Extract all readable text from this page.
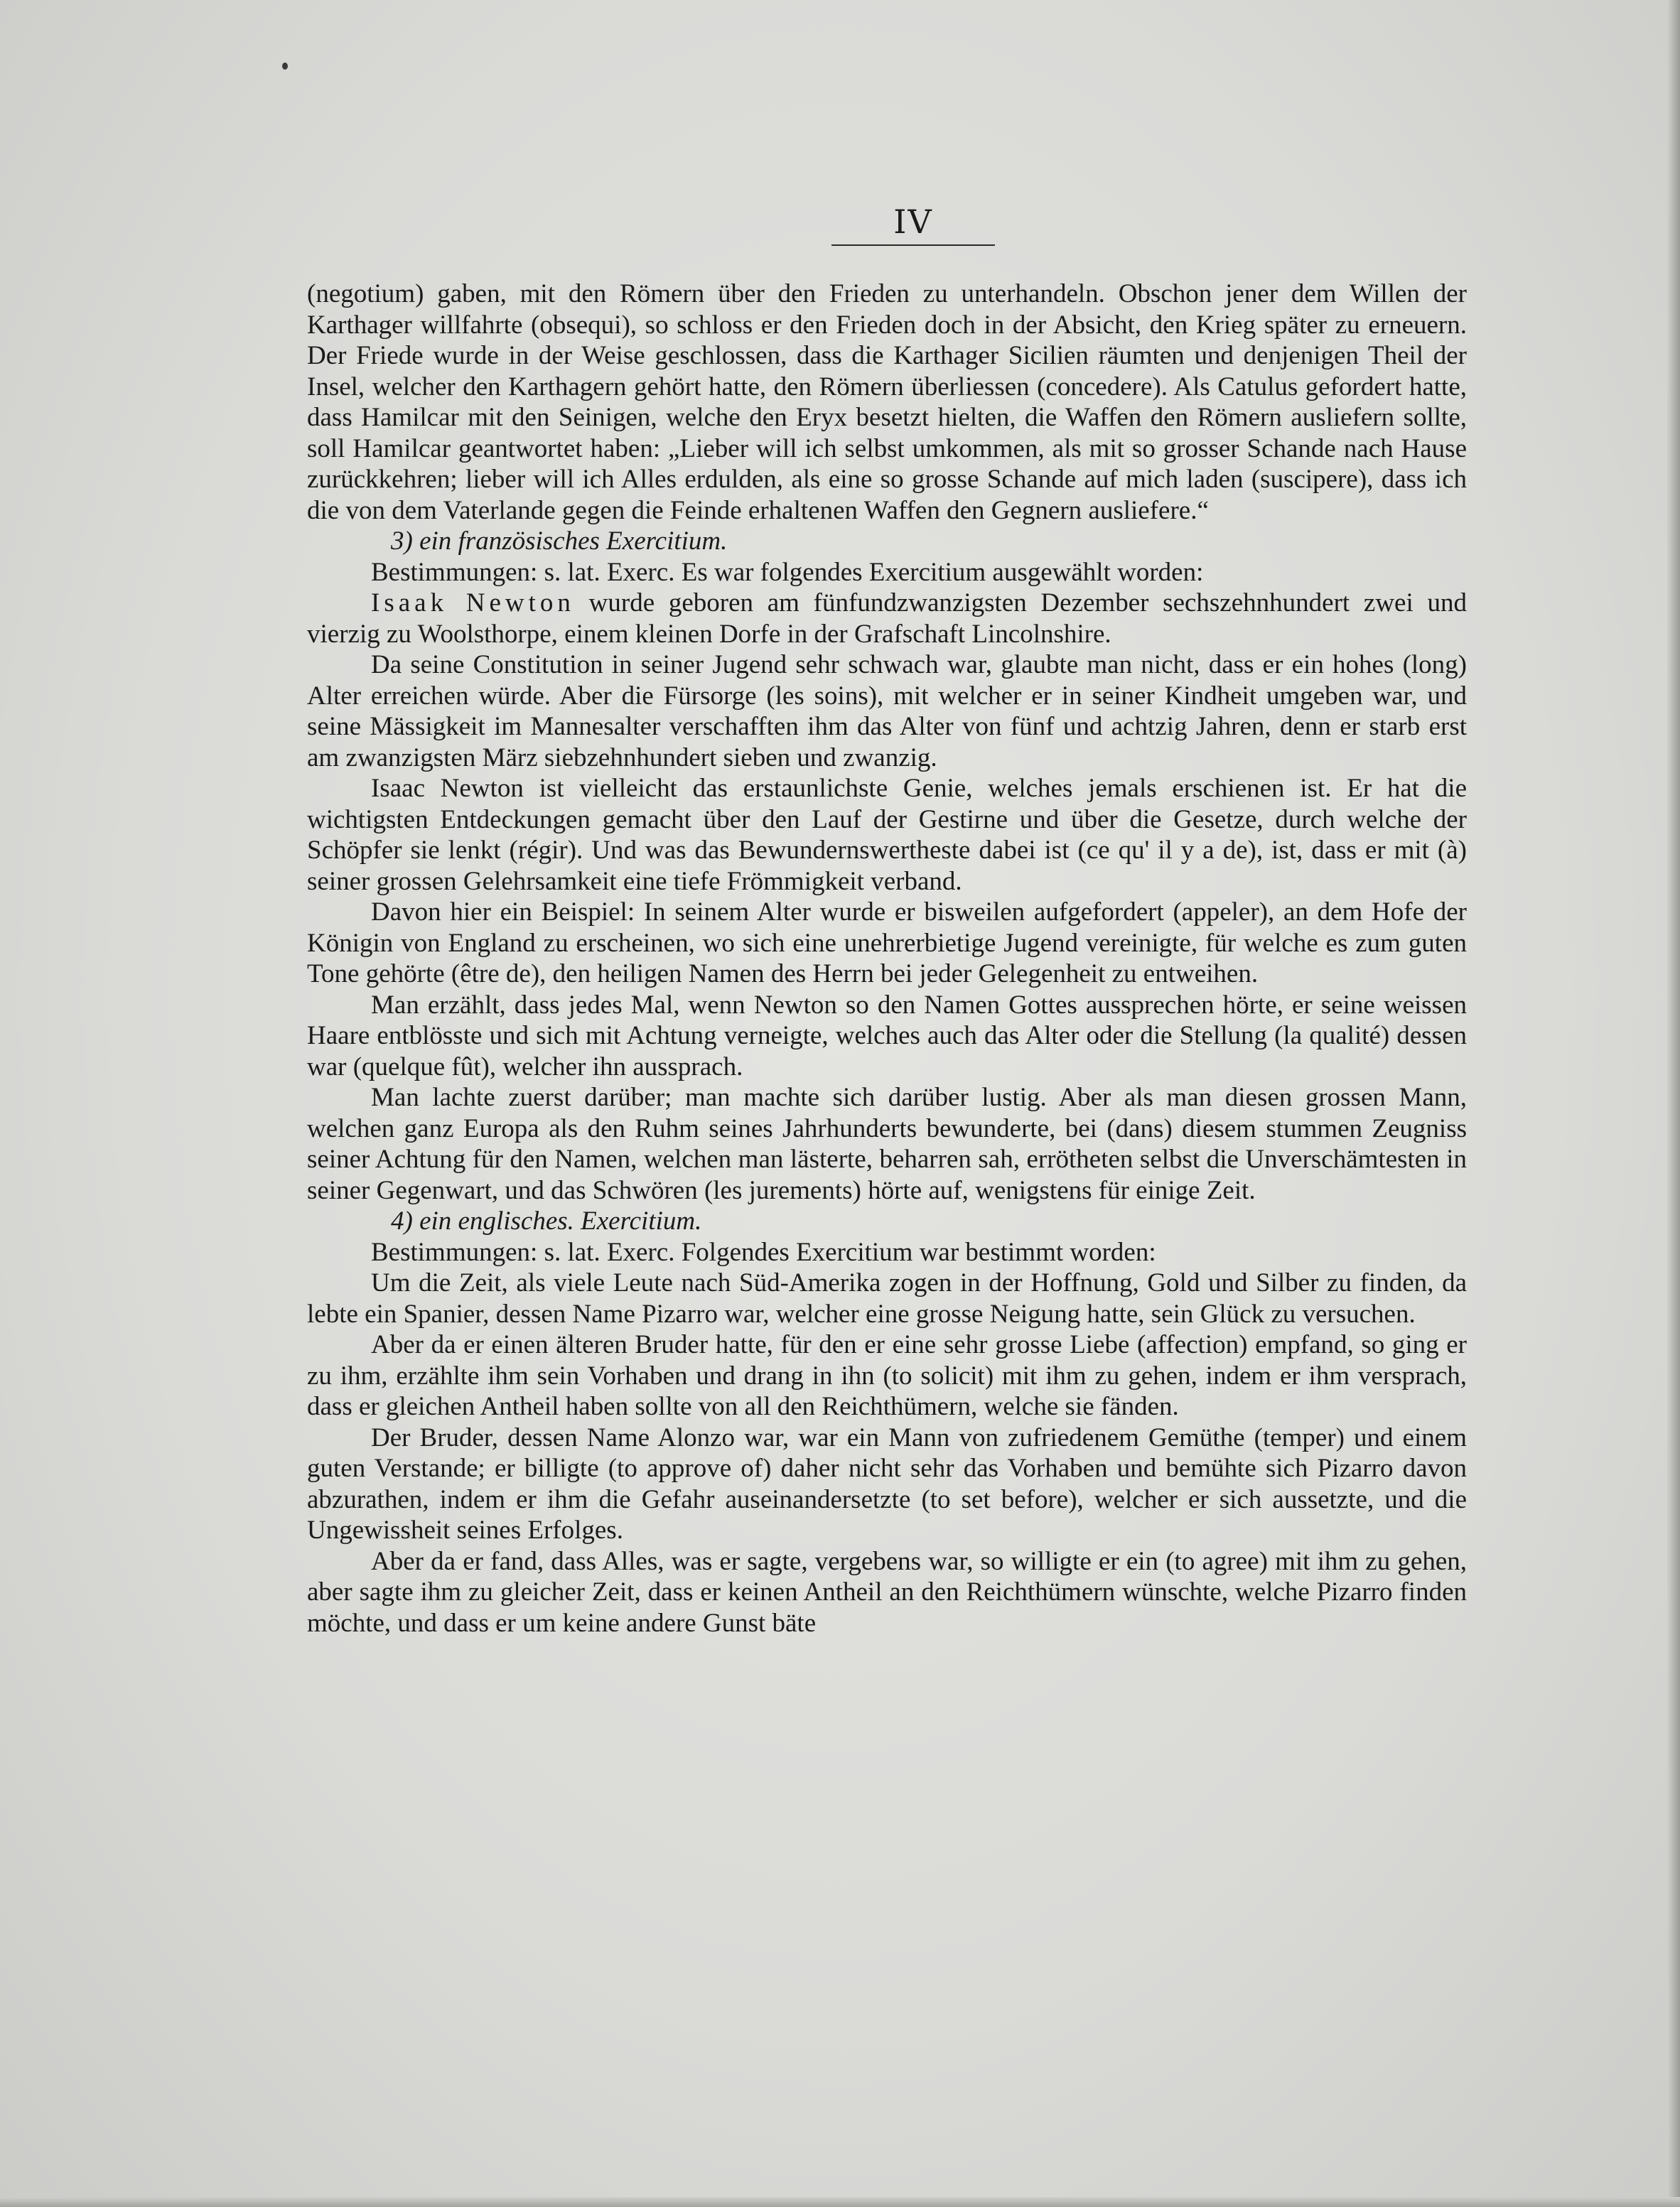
IV

(negotium) gaben, mit den Römern über den Frieden zu unterhandeln. Obschon jener dem Willen der Karthager willfahrte (obsequi), so schloss er den Frieden doch in der Absicht, den Krieg später zu erneuern. Der Friede wurde in der Weise geschlossen, dass die Karthager Sicilien räumten und denjenigen Theil der Insel, welcher den Karthagern gehört hatte, den Römern überliessen (concedere). Als Catulus gefordert hatte, dass Hamilcar mit den Seinigen, welche den Eryx besetzt hielten, die Waffen den Römern ausliefern sollte, soll Hamilcar geantwortet haben: „Lieber will ich selbst umkommen, als mit so grosser Schande nach Hause zurückkehren; lieber will ich Alles erdulden, als eine so grosse Schande auf mich laden (suscipere), dass ich die von dem Vaterlande gegen die Feinde erhaltenen Waffen den Gegnern ausliefere.“

3) ein französisches Exercitium.

Bestimmungen: s. lat. Exerc. Es war folgendes Exercitium ausgewählt worden:

Isaak Newton wurde geboren am fünfundzwanzigsten Dezember sechszehnhundert zwei und vierzig zu Woolsthorpe, einem kleinen Dorfe in der Grafschaft Lincolnshire.

Da seine Constitution in seiner Jugend sehr schwach war, glaubte man nicht, dass er ein hohes (long) Alter erreichen würde. Aber die Fürsorge (les soins), mit welcher er in seiner Kindheit umgeben war, und seine Mässigkeit im Mannesalter verschafften ihm das Alter von fünf und achtzig Jahren, denn er starb erst am zwanzigsten März siebzehnhundert sieben und zwanzig.

Isaac Newton ist vielleicht das erstaunlichste Genie, welches jemals erschienen ist. Er hat die wichtigsten Entdeckungen gemacht über den Lauf der Gestirne und über die Gesetze, durch welche der Schöpfer sie lenkt (régir). Und was das Bewundernswertheste dabei ist (ce qu' il y a de), ist, dass er mit (à) seiner grossen Gelehrsamkeit eine tiefe Frömmigkeit verband.

Davon hier ein Beispiel: In seinem Alter wurde er bisweilen aufgefordert (appeler), an dem Hofe der Königin von England zu erscheinen, wo sich eine unehrerbietige Jugend vereinigte, für welche es zum guten Tone gehörte (être de), den heiligen Namen des Herrn bei jeder Gelegenheit zu entweihen.

Man erzählt, dass jedes Mal, wenn Newton so den Namen Gottes aussprechen hörte, er seine weissen Haare entblösste und sich mit Achtung verneigte, welches auch das Alter oder die Stellung (la qualité) dessen war (quelque fût), welcher ihn aussprach.

Man lachte zuerst darüber; man machte sich darüber lustig. Aber als man diesen grossen Mann, welchen ganz Europa als den Ruhm seines Jahrhunderts bewunderte, bei (dans) diesem stummen Zeugniss seiner Achtung für den Namen, welchen man lästerte, beharren sah, errötheten selbst die Unverschämtesten in seiner Gegenwart, und das Schwören (les jurements) hörte auf, wenigstens für einige Zeit.

4) ein englisches. Exercitium.

Bestimmungen: s. lat. Exerc. Folgendes Exercitium war bestimmt worden:

Um die Zeit, als viele Leute nach Süd-Amerika zogen in der Hoffnung, Gold und Silber zu finden, da lebte ein Spanier, dessen Name Pizarro war, welcher eine grosse Neigung hatte, sein Glück zu versuchen.

Aber da er einen älteren Bruder hatte, für den er eine sehr grosse Liebe (affection) empfand, so ging er zu ihm, erzählte ihm sein Vorhaben und drang in ihn (to solicit) mit ihm zu gehen, indem er ihm versprach, dass er gleichen Antheil haben sollte von all den Reichthümern, welche sie fänden.

Der Bruder, dessen Name Alonzo war, war ein Mann von zufriedenem Gemüthe (temper) und einem guten Verstande; er billigte (to approve of) daher nicht sehr das Vorhaben und bemühte sich Pizarro davon abzurathen, indem er ihm die Gefahr auseinandersetzte (to set before), welcher er sich aussetzte, und die Ungewissheit seines Erfolges.

Aber da er fand, dass Alles, was er sagte, vergebens war, so willigte er ein (to agree) mit ihm zu gehen, aber sagte ihm zu gleicher Zeit, dass er keinen Antheil an den Reichthümern wünschte, welche Pizarro finden möchte, und dass er um keine andere Gunst bäte
